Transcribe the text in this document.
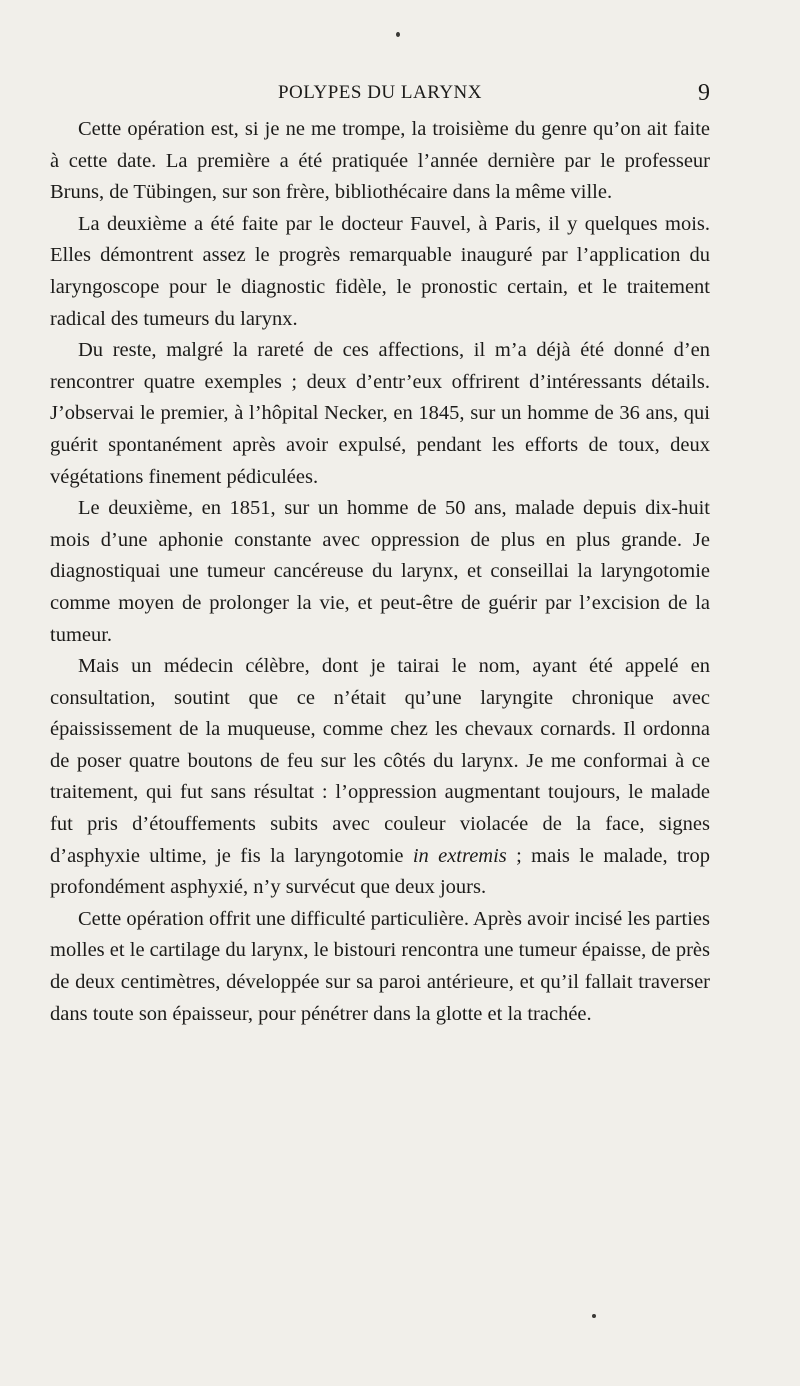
POLYPES DU LARYNX	9

Cette opération est, si je ne me trompe, la troisième du genre qu’on ait faite à cette date. La première a été pratiquée l’année dernière par le professeur Bruns, de Tübingen, sur son frère, bibliothécaire dans la même ville.

La deuxième a été faite par le docteur Fauvel, à Paris, il y quelques mois. Elles démontrent assez le progrès remarquable inauguré par l’application du laryngoscope pour le diagnostic fidèle, le pronostic certain, et le traitement radical des tumeurs du larynx.

Du reste, malgré la rareté de ces affections, il m’a déjà été donné d’en rencontrer quatre exemples ; deux d’entr’eux offrirent d’intéressants détails. J’observai le premier, à l’hôpital Necker, en 1845, sur un homme de 36 ans, qui guérit spontanément après avoir expulsé, pendant les efforts de toux, deux végétations finement pédiculées.

Le deuxième, en 1851, sur un homme de 50 ans, malade depuis dix-huit mois d’une aphonie constante avec oppression de plus en plus grande. Je diagnostiquai une tumeur cancéreuse du larynx, et conseillai la laryngotomie comme moyen de prolonger la vie, et peut-être de guérir par l’excision de la tumeur.

Mais un médecin célèbre, dont je tairai le nom, ayant été appelé en consultation, soutint que ce n’était qu’une laryngite chronique avec épaississement de la muqueuse, comme chez les chevaux cornards. Il ordonna de poser quatre boutons de feu sur les côtés du larynx. Je me conformai à ce traitement, qui fut sans résultat : l’oppression augmentant toujours, le malade fut pris d’étouffements subits avec couleur violacée de la face, signes d’asphyxie ultime, je fis la laryngotomie in extremis ; mais le malade, trop profondément asphyxié, n’y survécut que deux jours.

Cette opération offrit une difficulté particulière. Après avoir incisé les parties molles et le cartilage du larynx, le bistouri rencontra une tumeur épaisse, de près de deux centimètres, développée sur sa paroi antérieure, et qu’il fallait traverser dans toute son épaisseur, pour pénétrer dans la glotte et la trachée.
